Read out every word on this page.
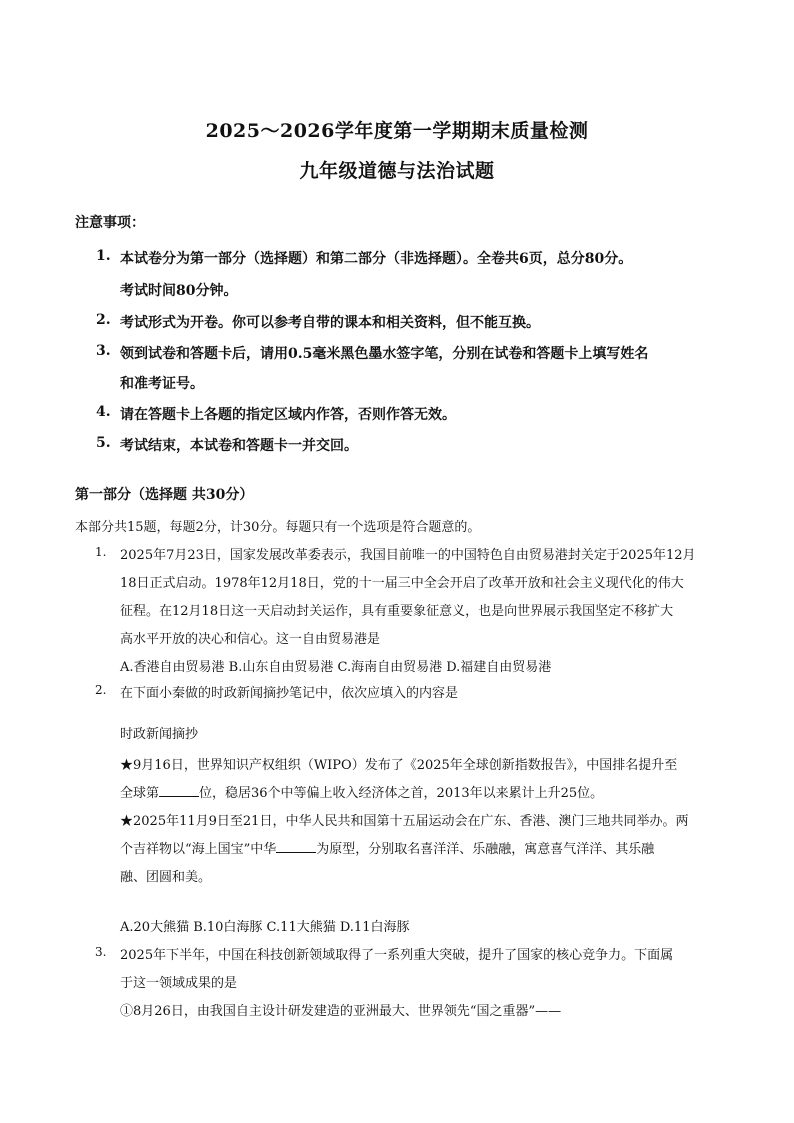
2025～2026学年度第一学期期末质量检测
九年级道德与法治试题
注意事项：
1. 本试卷分为第一部分（选择题）和第二部分（非选择题）。全卷共6页，总分80分。
考试时间80分钟。
2. 考试形式为开卷。你可以参考自带的课本和相关资料，但不能互换。
3. 领到试卷和答题卡后，请用0.5毫米黑色墨水签字笔，分别在试卷和答题卡上填写姓名
和准考证号。
4. 请在答题卡上各题的指定区域内作答，否则作答无效。
5. 考试结束，本试卷和答题卡一并交回。
第一部分（选择题 共30分）
本部分共15题，每题2分，计30分。每题只有一个选项是符合题意的。
1. 2025年7月23日，国家发展改革委表示，我国目前唯一的中国特色自由贸易港封关定于2025年12月
18日正式启动。1978年12月18日，党的十一届三中全会开启了改革开放和社会主义现代化的伟大
征程。在12月18日这一天启动封关运作，具有重要象征意义，也是向世界展示我国坚定不移扩大
高水平开放的决心和信心。这一自由贸易港是
A.香港自由贸易港 B.山东自由贸易港 C.海南自由贸易港 D.福建自由贸易港
2. 在下面小秦做的时政新闻摘抄笔记中，依次应填入的内容是
时政新闻摘抄
★9月16日，世界知识产权组织（WIPO）发布了《2025年全球创新指数报告》，中国排名提升至
全球第	位，稳居36个中等偏上收入经济体之首，2013年以来累计上升25位。
★2025年11月9日至21日，中华人民共和国第十五届运动会在广东、香港、澳门三地共同举办。两
个吉祥物以“海上国宝”中华	为原型，分别取名喜洋洋、乐融融，寓意喜气洋洋、其乐融
融、团圆和美。
A.20大熊猫 B.10白海豚 C.11大熊猫 D.11白海豚
3. 2025年下半年，中国在科技创新领域取得了一系列重大突破，提升了国家的核心竞争力。下面属
于这一领域成果的是
①8月26日，由我国自主设计研发建造的亚洲最大、世界领先“国之重器”——
